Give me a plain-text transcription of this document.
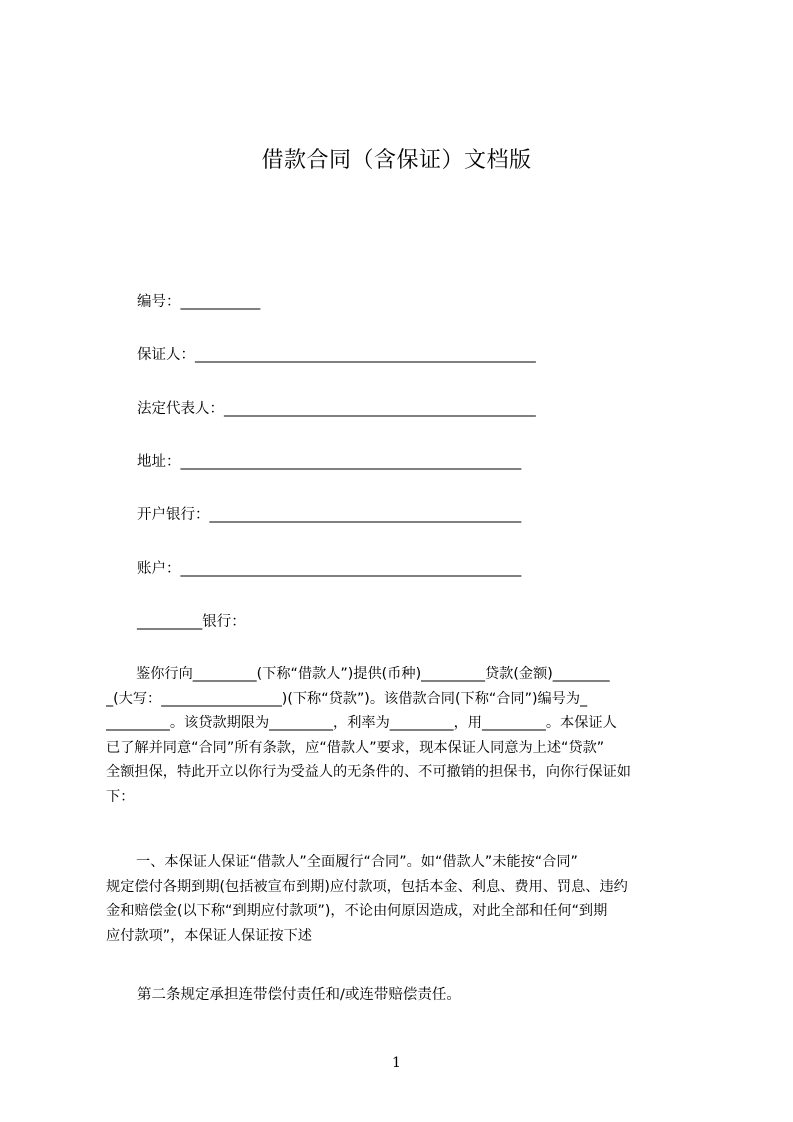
借款合同（含保证）文档版
编号：___________
保证人：_______________________________________________
法定代表人：___________________________________________
地址：_______________________________________________
开户银行：___________________________________________
账户：_______________________________________________
_________银行：
鉴你行向_________(下称“借款人”)提供(币种)_________贷款(金额)________
_(大写：_________________)(下称“贷款”)。该借款合同(下称“合同”)编号为_
_________。该贷款期限为_________，利率为_________，用_________。本保证人
已了解并同意“合同”所有条款，应“借款人”要求，现本保证人同意为上述“贷款”
全额担保，特此开立以你行为受益人的无条件的、不可撤销的担保书，向你行保证如
下：
一、本保证人保证“借款人”全面履行“合同”。如“借款人”未能按“合同”
规定偿付各期到期(包括被宣布到期)应付款项，包括本金、利息、费用、罚息、违约
金和赔偿金(以下称“到期应付款项”)，不论由何原因造成，对此全部和任何“到期
应付款项”，本保证人保证按下述
第二条规定承担连带偿付责任和/或连带赔偿责任。
1
